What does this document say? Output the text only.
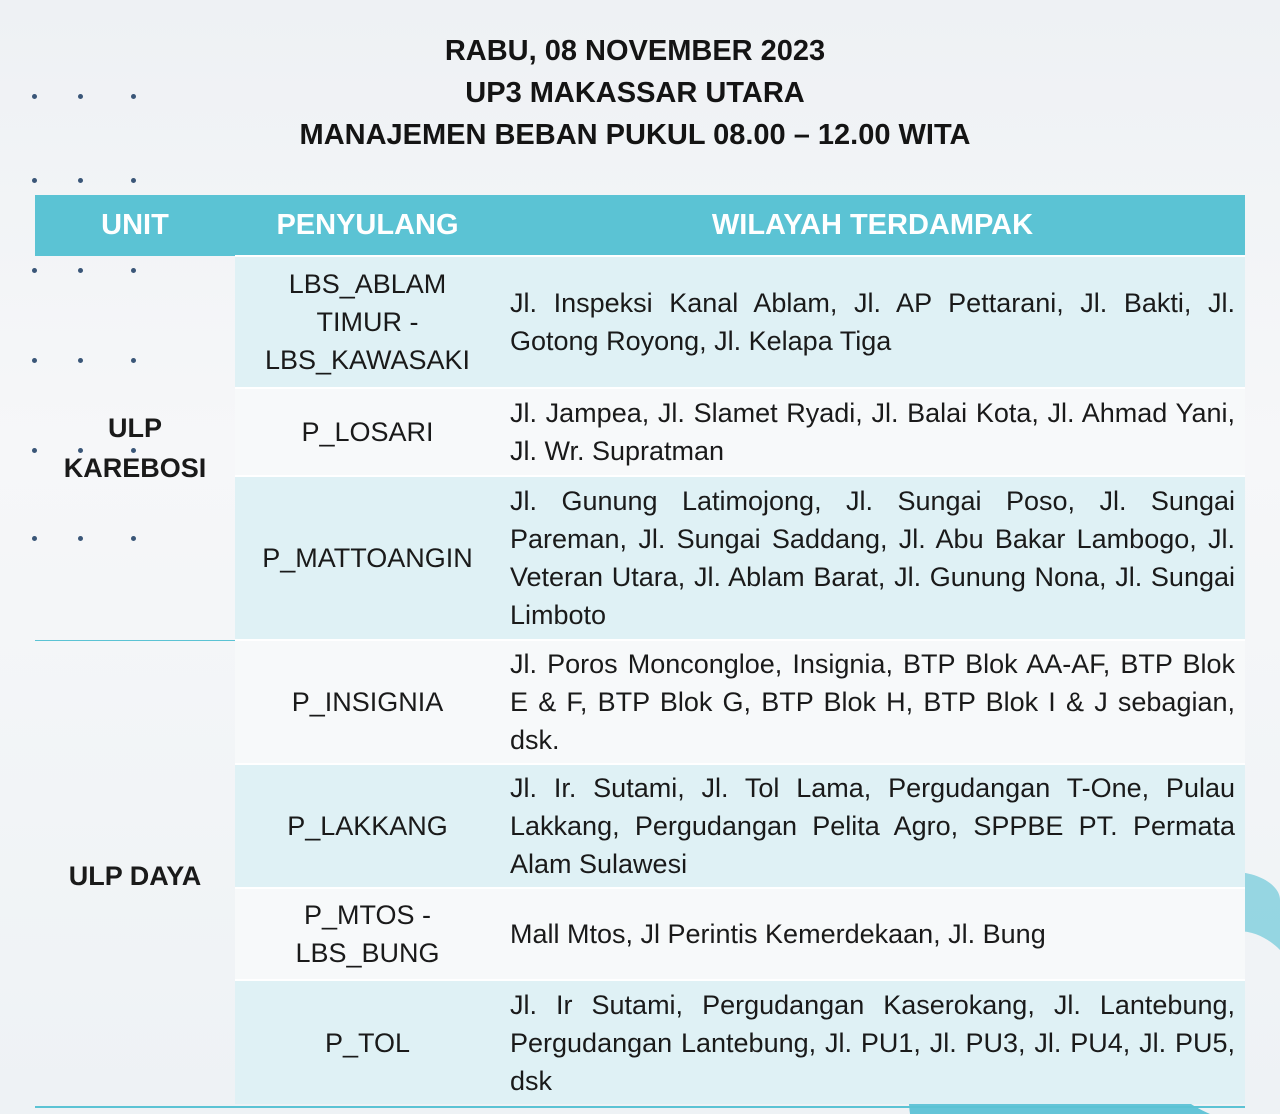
RABU, 08 NOVEMBER 2023
UP3 MAKASSAR UTARA
MANAJEMEN BEBAN PUKUL 08.00 – 12.00 WITA
UNIT	PENYULANG	WILAYAH TERDAMPAK
ULP KAREBOSI	LBS_ABLAM TIMUR - LBS_KAWASAKI	Jl. Inspeksi Kanal Ablam, Jl. AP Pettarani, Jl. Bakti, Jl. Gotong Royong, Jl. Kelapa Tiga
	P_LOSARI	Jl. Jampea, Jl. Slamet Ryadi, Jl. Balai Kota, Jl. Ahmad Yani, Jl. Wr. Supratman
	P_MATTOANGIN	Jl. Gunung Latimojong, Jl. Sungai Poso, Jl. Sungai Pareman, Jl. Sungai Saddang, Jl. Abu Bakar Lambogo, Jl. Veteran Utara, Jl. Ablam Barat, Jl. Gunung Nona, Jl. Sungai Limboto
ULP DAYA	P_INSIGNIA	Jl. Poros Moncongloe, Insignia, BTP Blok AA-AF, BTP Blok E & F, BTP Blok G, BTP Blok H, BTP Blok I & J sebagian, dsk.
	P_LAKKANG	Jl. Ir. Sutami, Jl. Tol Lama, Pergudangan T-One, Pulau Lakkang, Pergudangan Pelita Agro, SPPBE PT. Permata Alam Sulawesi
	P_MTOS - LBS_BUNG	Mall Mtos, Jl Perintis Kemerdekaan, Jl. Bung
	P_TOL	Jl. Ir Sutami, Pergudangan Kaserokang, Jl. Lantebung, Pergudangan Lantebung, Jl. PU1, Jl. PU3, Jl. PU4, Jl. PU5, dsk
